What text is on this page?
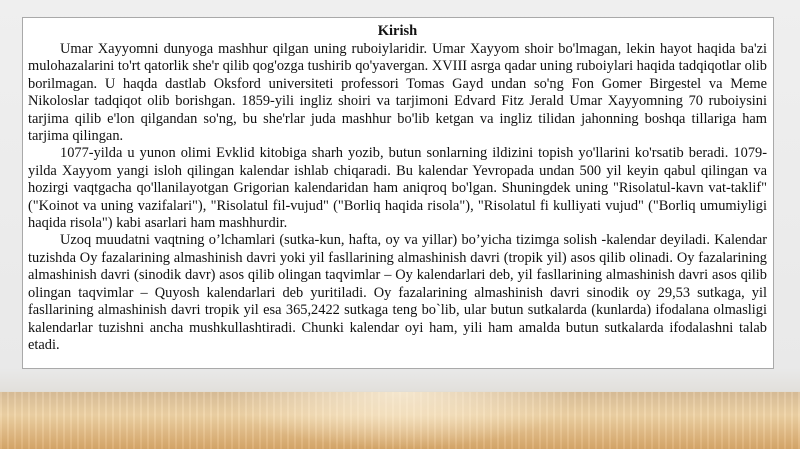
Kirish

Umar Xayyomni dunyoga mashhur qilgan uning ruboiylaridir. Umar Xayyom shoir bo'lmagan, lekin hayot haqida ba'zi mulohazalarini to'rt qatorlik she'r qilib qog'ozga tushirib qo'yavergan. XVIII asrga qadar uning ruboiylari haqida tadqiqotlar olib borilmagan. U haqda dastlab Oksford universiteti professori Tomas Gayd undan so'ng Fon Gomer Birgestel va Meme Nikoloslar tadqiqot olib borishgan. 1859-yili ingliz shoiri va tarjimoni Edvard Fitz Jerald Umar Xayyomning 70 ruboiysini tarjima qilib e'lon qilgandan so'ng, bu she'rlar juda mashhur bo'lib ketgan va ingliz tilidan jahonning boshqa tillariga ham tarjima qilingan.

1077-yilda u yunon olimi Evklid kitobiga sharh yozib, butun sonlarning ildizini topish yo'llarini ko'rsatib beradi. 1079-yilda Xayyom yangi isloh qilingan kalendar ishlab chiqaradi. Bu kalendar Yevropada undan 500 yil keyin qabul qilingan va hozirgi vaqtgacha qo'llanilayotgan Grigorian kalendaridan ham aniqroq bo'lgan. Shuningdek uning "Risolatul-kavn vat-taklif" ("Koinot va uning vazifalari"), "Risolatul fil-vujud" ("Borliq haqida risola"), "Risolatul fi kulliyati vujud" ("Borliq umumiyligi haqida risola") kabi asarlari ham mashhurdir.

Uzoq muudatni vaqtning o’lchamlari (sutka-kun, hafta, oy va yillar) bo’yicha tizimga solish -kalendar deyiladi. Kalendar tuzishda Oy fazalarining almashinish davri yoki yil fasllarining almashinish davri (tropik yil) asos qilib olinadi. Oy fazalarining almashinish davri (sinodik davr) asos qilib olingan taqvimlar – Oy kalendarlari deb, yil fasllarining almashinish davri asos qilib olingan taqvimlar – Quyosh kalendarlari deb yuritiladi. Oy fazalarining almashinish davri sinodik oy 29,53 sutkaga, yil fasllarining almashinish davri tropik yil esa 365,2422 sutkaga teng bo`lib, ular butun sutkalarda (kunlarda) ifodalana olmasligi kalendarlar tuzishni ancha mushkullashtiradi. Chunki kalendar oyi ham, yili ham amalda butun sutkalarda ifodalashni talab etadi.
